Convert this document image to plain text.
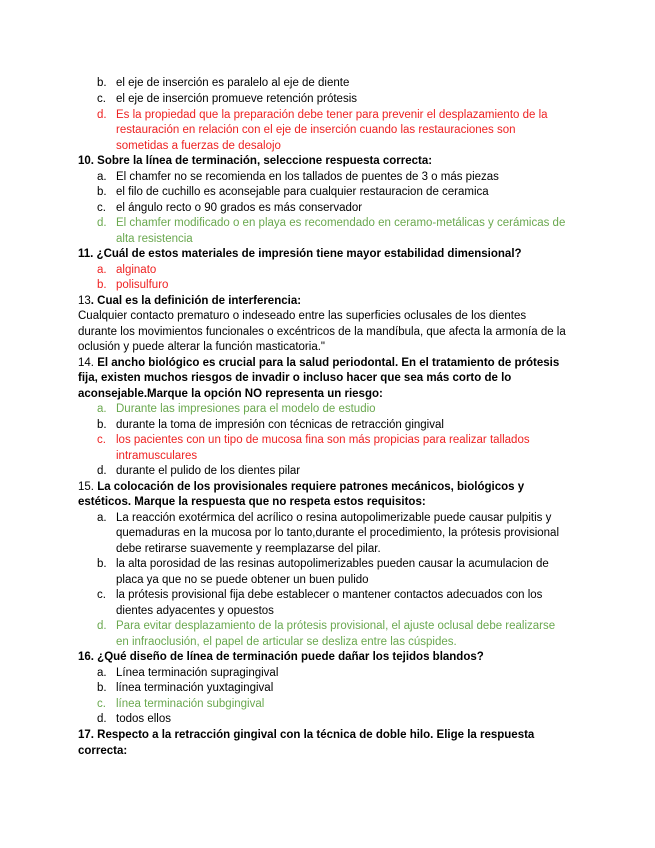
b. el eje de inserción es paralelo al eje de diente
c. el eje de inserción promueve retención prótesis
d. Es la propiedad que la preparación debe tener para prevenir el desplazamiento de la
restauración en relación con el eje de inserción cuando las restauraciones son
sometidas a fuerzas de desalojo
10. Sobre la línea de terminación, seleccione respuesta correcta:
a. El chamfer no se recomienda en los tallados de puentes de 3 o más piezas
b. el filo de cuchillo es aconsejable para cualquier restauracion de ceramica
c. el ángulo recto o 90 grados es más conservador
d. El chamfer modificado o en playa es recomendado en ceramo-metálicas y cerámicas de
alta resistencia
11. ¿Cuál de estos materiales de impresión tiene mayor estabilidad dimensional?
a. alginato
b. polisulfuro
13. Cual es la definición de interferencia:
Cualquier contacto prematuro o indeseado entre las superficies oclusales de los dientes
durante los movimientos funcionales o excéntricos de la mandíbula, que afecta la armonía de la
oclusión y puede alterar la función masticatoria."
14. El ancho biológico es crucial para la salud periodontal. En el tratamiento de prótesis
fija, existen muchos riesgos de invadir o incluso hacer que sea más corto de lo
aconsejable.Marque la opción NO representa un riesgo:
a. Durante las impresiones para el modelo de estudio
b. durante la toma de impresión con técnicas de retracción gingival
c. los pacientes con un tipo de mucosa fina son más propicias para realizar tallados
intramusculares
d. durante el pulido de los dientes pilar
15. La colocación de los provisionales requiere patrones mecánicos, biológicos y
estéticos. Marque la respuesta que no respeta estos requisitos:
a. La reacción exotérmica del acrílico o resina autopolimerizable puede causar pulpitis y
quemaduras en la mucosa por lo tanto,durante el procedimiento, la prótesis provisional
debe retirarse suavemente y reemplazarse del pilar.
b. la alta porosidad de las resinas autopolimerizables pueden causar la acumulacion de
placa ya que no se puede obtener un buen pulido
c. la prótesis provisional fija debe establecer o mantener contactos adecuados con los
dientes adyacentes y opuestos
d. Para evitar desplazamiento de la prótesis provisional, el ajuste oclusal debe realizarse
en infraoclusión, el papel de articular se desliza entre las cúspides.
16. ¿Qué diseño de línea de terminación puede dañar los tejidos blandos?
a. Línea terminación supragingival
b. línea terminación yuxtagingival
c. línea terminación subgingival
d. todos ellos
17. Respecto a la retracción gingival con la técnica de doble hilo. Elige la respuesta
correcta:
